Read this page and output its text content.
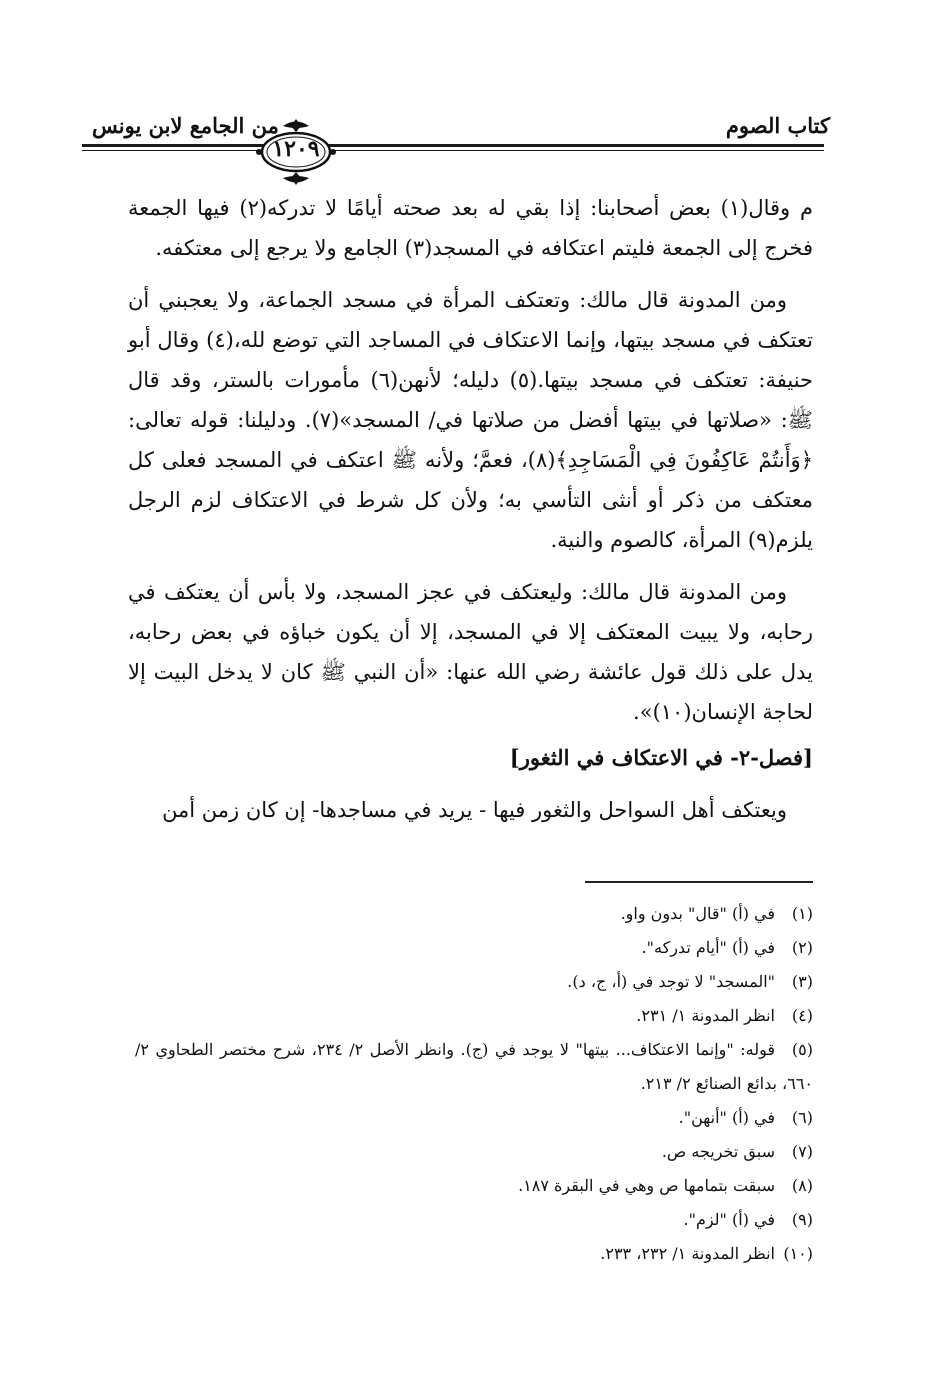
كتاب الصوم
من الجامع لابن يونس
١٢٠٩

م وقال(١) بعض أصحابنا: إذا بقي له بعد صحته أيامًا لا تدركه(٢) فيها الجمعة فخرج إلى الجمعة فليتم اعتكافه في المسجد(٣) الجامع ولا يرجع إلى معتكفه.

ومن المدونة قال مالك: وتعتكف المرأة في مسجد الجماعة، ولا يعجبني أن تعتكف في مسجد بيتها، وإنما الاعتكاف في المساجد التي توضع لله،(٤) وقال أبو حنيفة: تعتكف في مسجد بيتها.(٥) دليله؛ لأنهن(٦) مأمورات بالستر، وقد قال ﷺ: «صلاتها في بيتها أفضل من صلاتها في/ المسجد»(٧). ودليلنا: قوله تعالى: ﴿وَأَنتُمْ عَاكِفُونَ فِي الْمَسَاجِدِ﴾(٨)، فعمَّ؛ ولأنه ﷺ اعتكف في المسجد فعلى كل معتكف من ذكر أو أنثى التأسي به؛ ولأن كل شرط في الاعتكاف لزم الرجل يلزم(٩) المرأة، كالصوم والنية.

ومن المدونة قال مالك: وليعتكف في عجز المسجد، ولا بأس أن يعتكف في رحابه، ولا يبيت المعتكف إلا في المسجد، إلا أن يكون خباؤه في بعض رحابه، يدل على ذلك قول عائشة رضي الله عنها: «أن النبي ﷺ كان لا يدخل البيت إلا لحاجة الإنسان(١٠)».

[فصل-٢- في الاعتكاف في الثغور]

ويعتكف أهل السواحل والثغور فيها - يريد في مساجدها- إن كان زمن أمن

(١)في (أ) "قال" بدون واو.

(٢)في (أ) "أيام تدركه".

(٣)"المسجد" لا توجد في (أ، ج، د).

(٤)انظر المدونة ١/ ٢٣١.

(٥)قوله: "وإنما الاعتكاف... بيتها" لا يوجد في (ج). وانظر الأصل ٢/ ٢٣٤، شرح مختصر الطحاوي ٢/ ٦٦٠، بدائع الصنائع ٢/ ٢١٣.

(٦)في (أ) "أنهن".

(٧)سبق تخريجه ص.

(٨)سبقت بتمامها ص وهي في البقرة ١٨٧.

(٩)في (أ) "لزم".

(١٠)انظر المدونة ١/ ٢٣٢، ٢٣٣.
